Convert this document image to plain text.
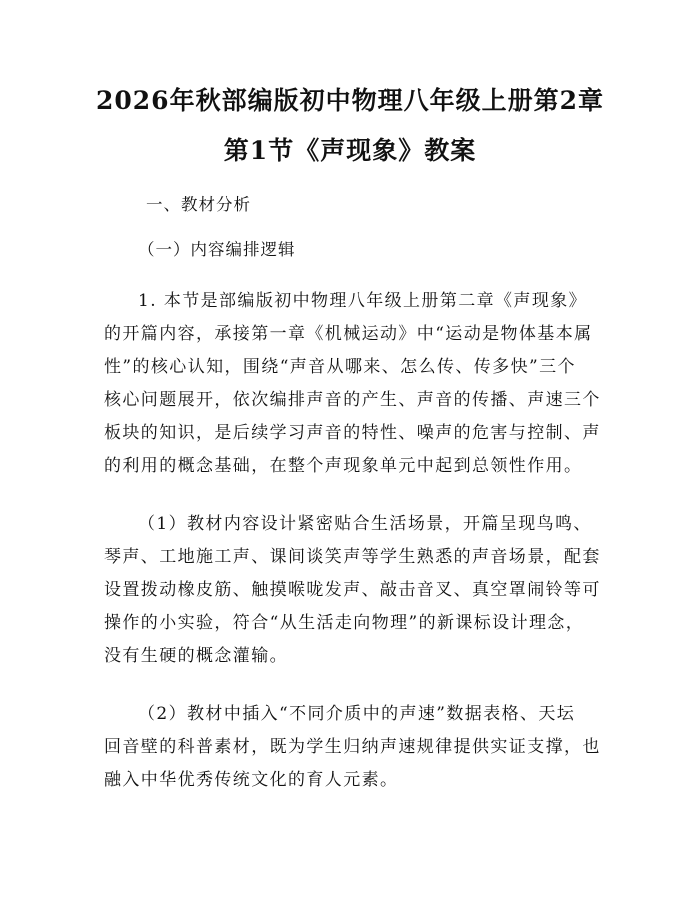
2026年秋部编版初中物理八年级上册第2章
第1节《声现象》教案
一、教材分析
（一）内容编排逻辑
1. 本节是部编版初中物理八年级上册第二章《声现象》
的开篇内容，承接第一章《机械运动》中“运动是物体基本属
性”的核心认知，围绕“声音从哪来、怎么传、传多快”三个
核心问题展开，依次编排声音的产生、声音的传播、声速三个
板块的知识，是后续学习声音的特性、噪声的危害与控制、声
的利用的概念基础，在整个声现象单元中起到总领性作用。
（1）教材内容设计紧密贴合生活场景，开篇呈现鸟鸣、
琴声、工地施工声、课间谈笑声等学生熟悉的声音场景，配套
设置拨动橡皮筋、触摸喉咙发声、敲击音叉、真空罩闹铃等可
操作的小实验，符合“从生活走向物理”的新课标设计理念，
没有生硬的概念灌输。
（2）教材中插入“不同介质中的声速”数据表格、天坛
回音壁的科普素材，既为学生归纳声速规律提供实证支撑，也
融入中华优秀传统文化的育人元素。
